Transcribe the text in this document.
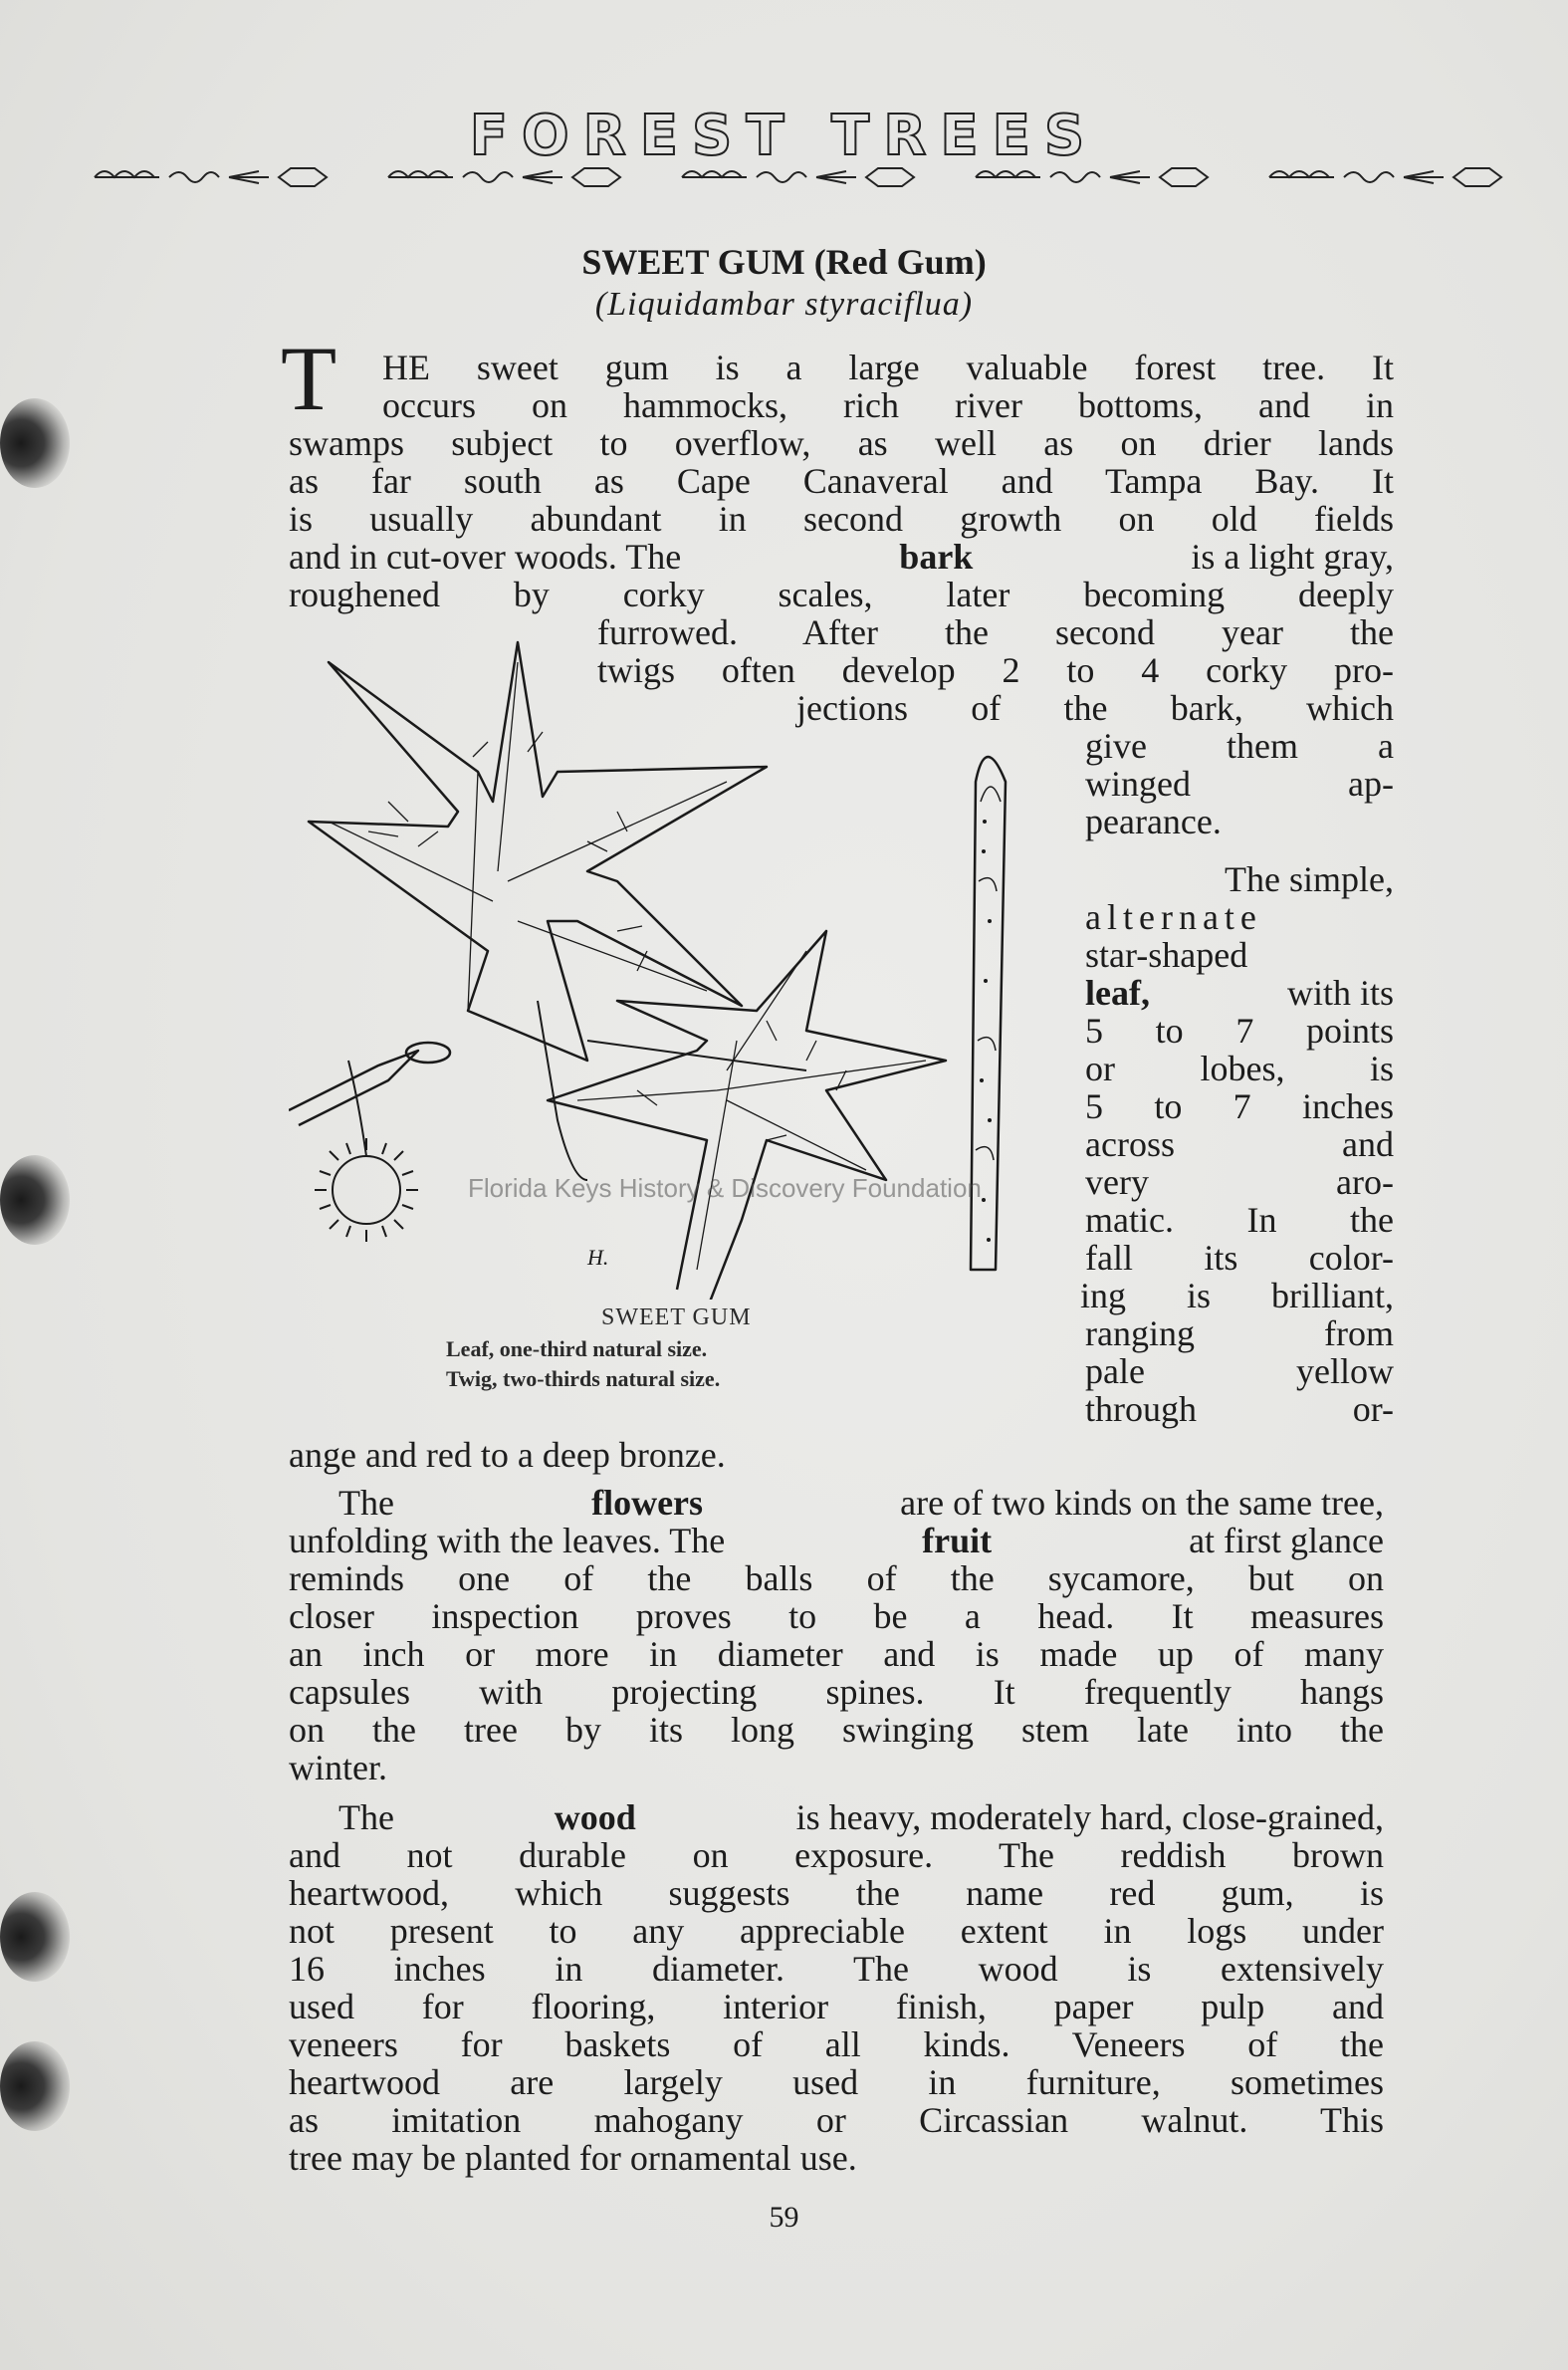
FOREST TREES
SWEET GUM (Red Gum)
(Liquidambar styraciflua)
T HE sweet gum is a large valuable forest tree. It
occurs on hammocks, rich river bottoms, and in
swamps subject to overflow, as well as on drier lands
as far south as Cape Canaveral and Tampa Bay. It
is usually abundant in second growth on old fields
and in cut-over woods. The	bark	is a light gray,
roughened by corky scales, later becoming deeply
furrowed. After the second year the
twigs often develop 2 to 4 corky pro-
jections of the bark, which
give them a
winged ap-
pearance.
The simple,
alternate
star-shaped
leaf,	with its
5 to 7 points
or lobes, is
5 to 7 inches
across and
very aro-
matic. In the
fall its color-
ing is brilliant,
ranging from
pale yellow
through or-
ange and red to a deep bronze.
H.
SWEET GUM
Leaf, one-third natural size.
Twig, two-thirds natural size.
Florida Keys History & Discovery Foundation
The	flowers	are of two kinds on the same tree,
unfolding with the leaves. The	fruit	at first glance
reminds one of the balls of the sycamore, but on
closer inspection proves to be a head. It measures
an inch or more in diameter and is made up of many
capsules with projecting spines. It frequently hangs
on the tree by its long swinging stem late into the
winter.
The	wood	is heavy, moderately hard, close-grained,
and not durable on exposure. The reddish brown
heartwood, which suggests the name red gum, is
not present to any appreciable extent in logs under
16 inches in diameter. The wood is extensively
used for flooring, interior finish, paper pulp and
veneers for baskets of all kinds. Veneers of the
heartwood are largely used in furniture, sometimes
as imitation mahogany or Circassian walnut. This
tree may be planted for ornamental use.
59
